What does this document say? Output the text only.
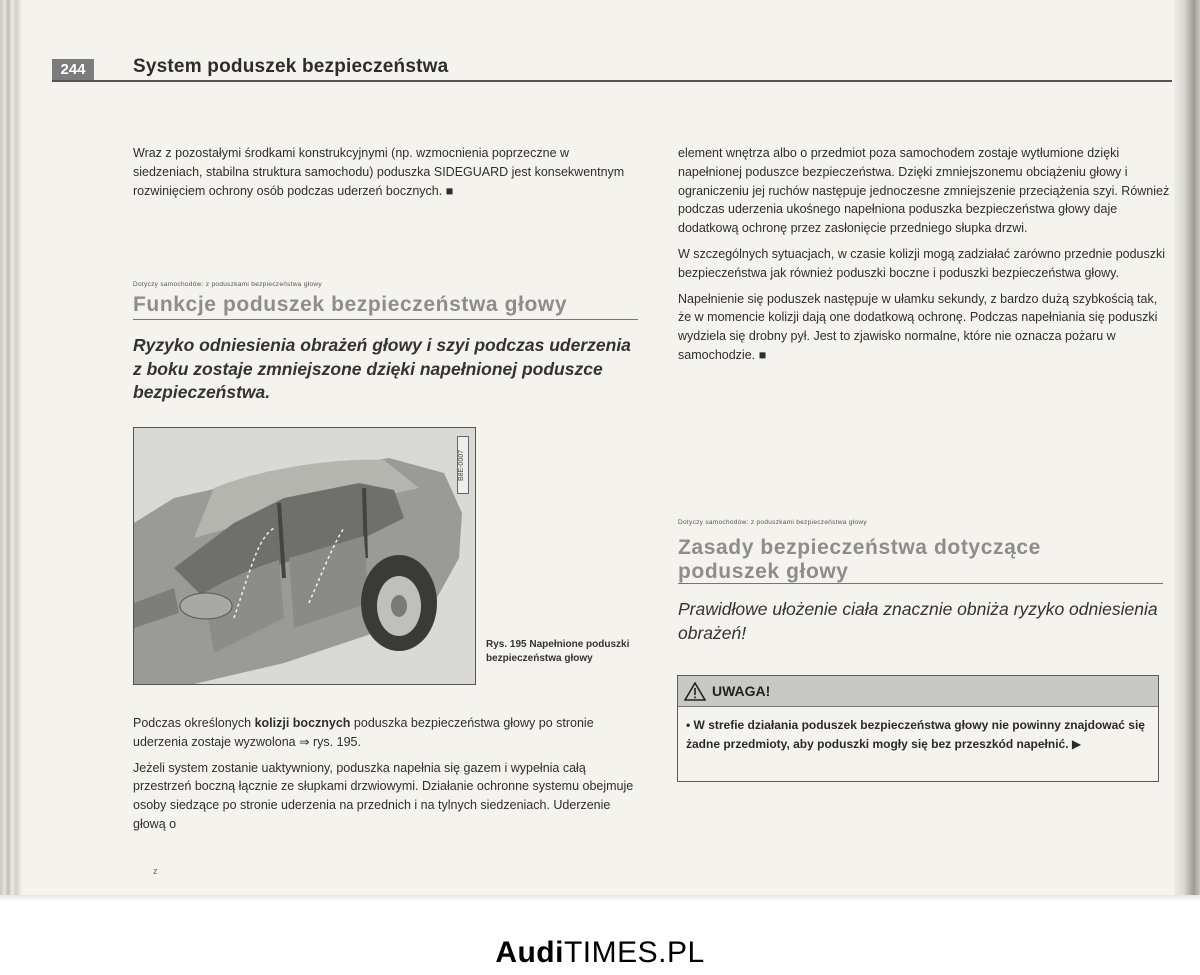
244	System poduszek bezpieczeństwa

Wraz z pozostałymi środkami konstrukcyjnymi (np. wzmocnienia poprzeczne w siedzeniach, stabilna struktura samochodu) poduszka SIDEGUARD jest konsekwentnym rozwinięciem ochrony osób podczas uderzeń bocznych. ■

Dotyczy samochodów: z poduszkami bezpieczeństwa głowy
Funkcje poduszek bezpieczeństwa głowy
Ryzyko odniesienia obrażeń głowy i szyi podczas uderzenia z boku zostaje zmniejszone dzięki napełnionej poduszce bezpieczeństwa.
B8E-0007
Rys. 195 Napełnione poduszki bezpieczeństwa głowy

Podczas określonych kolizji bocznych poduszka bezpieczeństwa głowy po stronie uderzenia zostaje wyzwolona ⇒ rys. 195.

Jeżeli system zostanie uaktywniony, poduszka napełnia się gazem i wypełnia całą przestrzeń boczną łącznie ze słupkami drzwiowymi. Działanie ochronne systemu obejmuje osoby siedzące po stronie uderzenia na przednich i na tylnych siedzeniach. Uderzenie głową o

z

element wnętrza albo o przedmiot poza samochodem zostaje wytłumione dzięki napełnionej poduszce bezpieczeństwa. Dzięki zmniejszonemu obciążeniu głowy i ograniczeniu jej ruchów następuje jednoczesne zmniejszenie przeciążenia szyi. Również podczas uderzenia ukośnego napełniona poduszka bezpieczeństwa głowy daje dodatkową ochronę przez zasłonięcie przedniego słupka drzwi.

W szczególnych sytuacjach, w czasie kolizji mogą zadziałać zarówno przednie poduszki bezpieczeństwa jak również poduszki boczne i poduszki bezpieczeństwa głowy.

Napełnienie się poduszek następuje w ułamku sekundy, z bardzo dużą szybkością tak, że w momencie kolizji dają one dodatkową ochronę. Podczas napełniania się poduszki wydziela się drobny pył. Jest to zjawisko normalne, które nie oznacza pożaru w samochodzie. ■

Dotyczy samochodów: z poduszkami bezpieczeństwa głowy
Zasady bezpieczeństwa dotyczące
poduszek głowy
Prawidłowe ułożenie ciała znacznie obniża ryzyko odniesienia obrażeń!
UWAGA!
• W strefie działania poduszek bezpieczeństwa głowy nie powinny znajdować się żadne przedmioty, aby poduszki mogły się bez przeszkód napełnić. ▶
AudiTIMES.PL
